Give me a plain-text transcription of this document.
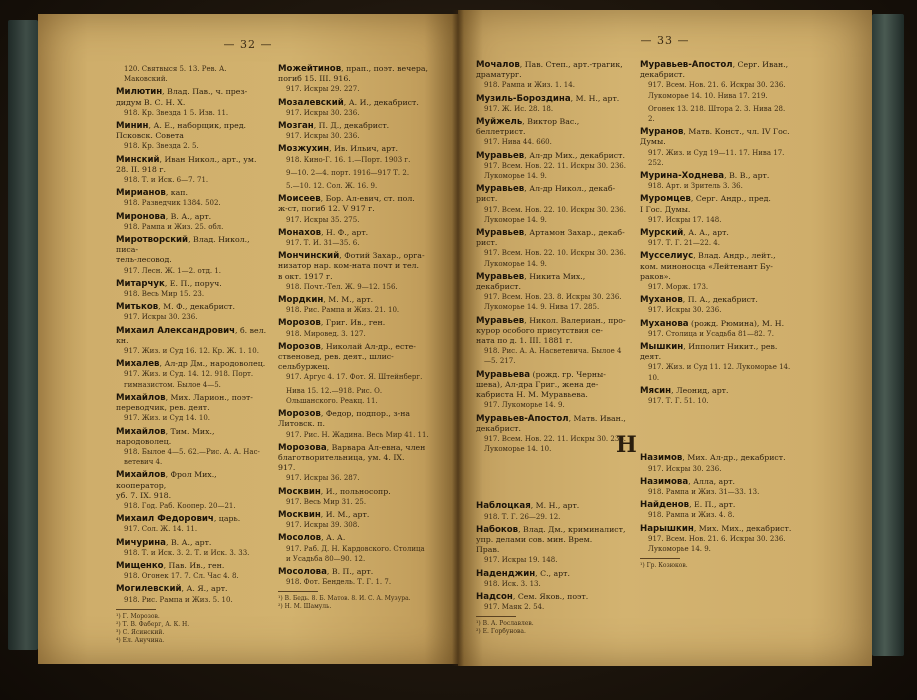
— 32 —
120. Святвыся 5. 13. Рев. А. Маковский.
Милютин, Влад. Пав., ч. през-
дидум В. С. Н. Х.
918. Кр. Звезда 1 5. Изв. 11.
Минин, А. Е., наборщик, пред.
Псковск. Совета
918. Кр. Звезда 2. 5.
Минский, Иван Никол., арт., ум.
28. II. 918 г.
918. Т. и Иск. 6—7. 71.
Мирианов, кап.
918. Разведчик 1384. 502.
Миронова, В. А., арт.
918. Рампа и Жиз. 25. обл.
Миротворский, Влад. Никол., писа-
тель-лесовод.
917. Лесн. Ж. 1—2. отд. 1.
Митарчук, Е. П., поруч.
918. Весь Мир 15. 23.
Митьков, М. Ф., декабрист.
917. Искры 30. 236.
Михаил Александрович, б. вел. кн.
917. Жиз. и Суд 16. 12. Кр. Ж. 1. 10.
Михалев, Ал-др Дм., народоволец.
917. Жиз. и Суд. 14. 12. 918. Порт. гимназистом. Былое 4—5.
Михайлов, Мих. Ларион., поэт-
переводчик, рев. деят.
917. Жиз. и Суд 14. 10.
Михайлов, Тим. Мих., народоволец.
918. Былое 4—5. 62.—Рис. А. А. Нас-ветевич 4.
Михайлов, Фрол Мих., кооператор,
уб. 7. IX. 918.
918. Год. Раб. Коопер. 20—21.
Михаил Федорович, царь.
917. Сол. Ж. 14. 11.
Мичурина, В. А., арт.
918. Т. и Иск. 3. 2. Т. и Иск. 3. 33.
Мищенко, Пав. Ив., ген.
918. Огонек 17. 7. Сл. Час 4. 8.
Могилевский, А. Я., арт.
918. Рис. Рампа и Жиз. 5. 10.
¹) Г. Морозов.
²) Т. В. Фаберг, А. К. Н.
³) С. Ясинский.
⁴) Ел. Анучина.
Можейтинов, прап., поэт. вечера,
погиб 15. III. 916.
917. Искры 29. 227.
Мозалевский, А. И., декабрист.
917. Искры 30. 236.
Мозган, П. Д., декабрист.
917. Искры 30. 236.
Мозжухин, Ив. Ильич, арт.
918. Кино-Г. 16. 1.—Порт. 1903 г.
9—10. 2—4. порт. 1916—917 Т. 2.
5.—10. 12. Сол. Ж. 16. 9.
Моисеев, Бор. Ал-евич, ст. пол.
ж-ст, погиб 12. V 917 г.
917. Искры 35. 275.
Монахов, Н. Ф., арт.
917. Т. И. 31—35. 6.
Мончинский, Фотий Захар., орга-
низатор нар. ком-ната почт и тел.
в окт. 1917 г.
918. Почт.-Тел. Ж. 9—12. 156.
Мордкин, М. М., арт.
918. Рис. Рампа и Жиз. 21. 10.
Морозов, Григ. Ив., ген.
918. Мировед. 3. 127.
Морозов, Николай Ал-др., есте-
ственовед, рев. деят., шлис-
сельбуржец.
917. Аргус 4. 17. Фот. Я. Штейнберг.
Нива 15. 12.—918. Рис. О. Ольшанского. Реакц. 11.
Морозов, Федор, подпор., з-на
Литовск. п.
917. Рис. Н. Жадина. Весь Мир 41. 11.
Морозова, Варвара Ал-евна, член
благотворительница, ум. 4. IX.
917.
917. Искры 36. 287.
Москвин, И., польносопр.
917. Весь Мир 31. 25.
Москвин, И. М., арт.
917. Искры 39. 308.
Мосолов, А. А.
917. Раб. Д. Н. Кардовского. Столица и Усадьба 80—90. 12.
Мосолова, В. П., арт.
918. Фот. Бендель. Т. Г. 1. 7.
¹) В. Бедь. 8. Б. Матов. 8. И. С. А. Музура.
²) Н. М. Шамуль.
— 33 —
Мочалов, Пав. Степ., арт.-трагик,
драматург.
918. Рампа и Жиз. 1. 14.
Музиль-Бороздина, М. Н., арт.
917. Ж. Ис. 28. 18.
Муйжель, Виктор Вас., беллетрист.
917. Нива 44. 660.
Муравьев, Ал-др Мих., декабрист.
917. Всем. Нов. 22. 11. Искры 30. 236. Лукоморье 14. 9.
Муравьев, Ал-др Никол., декаб-
рист.
917. Всем. Нов. 22. 10. Искры 30. 236. Лукоморье 14. 9.
Муравьев, Артамон Захар., декаб-
рист.
917. Всем. Нов. 22. 10. Искры 30. 236. Лукоморье 14. 9.
Муравьев, Никита Мих., декабрист.
917. Всем. Нов. 23. 8. Искры 30. 236. Лукоморье 14. 9. Нива 17. 285.
Муравьев, Никол. Валериан., про-
курор особого присутствия се-
ната по д. 1. III. 1881 г.
918. Рис. А. А. Насветевича. Былое 4—5. 217.
Муравьева (рожд. гр. Черны-
шева), Ал-дра Григ., жена де-
кабриста Н. М. Муравьева.
917. Лукоморье 14. 9.
Муравьев-Апостол, Матв. Иван.,
декабрист.
917. Всем. Нов. 22. 11. Искры 30. 236. Лукоморье 14. 10.
Наблоцкая, М. Н., арт.
918. Т. Г. 26—29. 12.
Набоков, Влад. Дм., криминалист,
упр. делами сов. мин. Врем.
Прав.
917. Искры 19. 148.
Наденджин, С., арт.
918. Иск. 3. 13.
Надсон, Сем. Яков., поэт.
917. Маяк 2. 54.
¹) В. А. Рославлев.
²) Е. Горбунова.
Муравьев-Апостол, Серг. Иван.,
декабрист.
917. Всем. Нов. 21. 6. Искры 30. 236. Лукоморье 14. 10. Нива 17. 219.
Огонек 13. 218. Штора 2. 3. Нива 28. 2.
Муранов, Матв. Конст., чл. IV Гос.
Думы.
917. Жиз. и Суд 19—11. 17. Нива 17. 252.
Мурина-Ходнева, В. В., арт.
918. Арт. и Зритель 3. 36.
Муромцев, Серг. Андр., пред.
I Гос. Думы.
917. Искры 17. 148.
Мурский, А. А., арт.
917. Т. Г. 21—22. 4.
Мусселиус, Влад. Андр., лейт.,
ком. миноносца «Лейтенант Бу-
раков».
917. Морж. 173.
Муханов, П. А., декабрист.
917. Искры 30. 236.
Муханова (рожд. Рюмина), М. Н.
917. Столица и Усадьба 81—82. 7.
Мышкин, Ипполит Никит., рев.
деят.
917. Жиз. и Суд 11. 12. Лукоморье 14. 10.
Мясин, Леонид, арт.
917. Т. Г. 51. 10.
Назимов, Мих. Ал-др., декабрист.
917. Искры 30. 236.
Назимова, Алла, арт.
918. Рампа и Жиз. 31—33. 13.
Найденов, Е. П., арт.
918. Рампа и Жиз. 4. 8.
Нарышкин, Мих. Мих., декабрист.
917. Всем. Нов. 21. 6. Искры 30. 236. Лукоморье 14. 9.
¹) Гр. Козюков.
Н
